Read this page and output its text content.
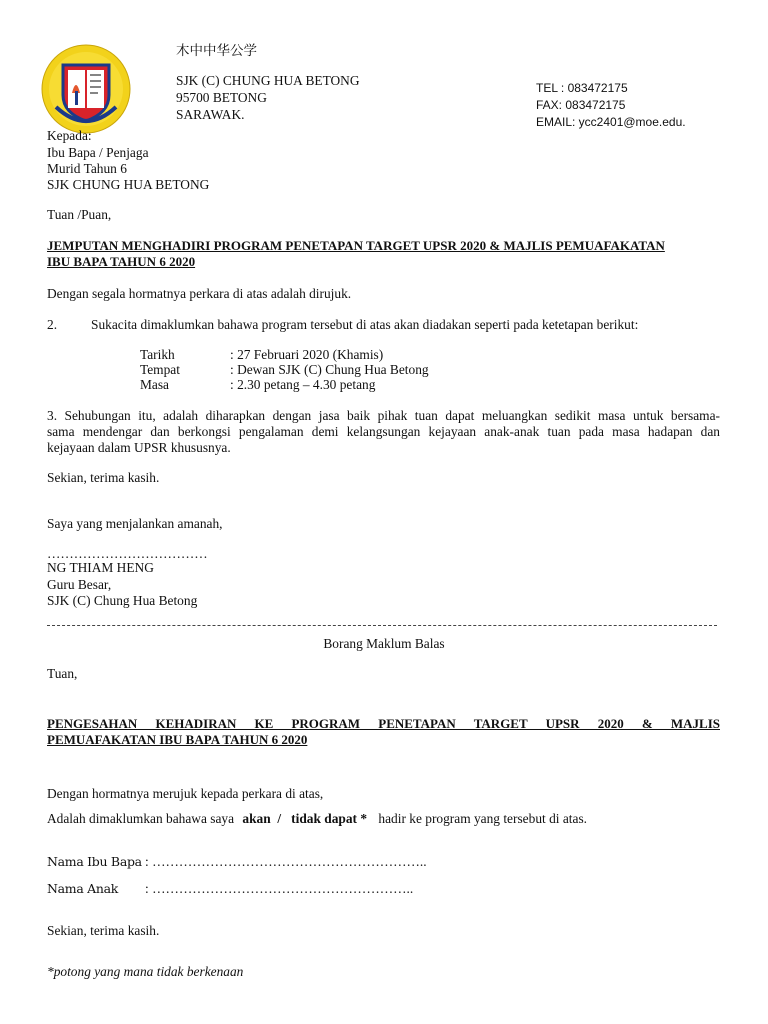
木中中华公学
SJK (C) CHUNG HUA BETONG
95700 BETONG
SARAWAK.
TEL : 083472175
FAX: 083472175
EMAIL: ycc2401@moe.edu.
Kepada:
Ibu Bapa / Penjaga
Murid Tahun 6
SJK CHUNG HUA BETONG
Tuan /Puan,
JEMPUTAN MENGHADIRI PROGRAM PENETAPAN TARGET UPSR 2020 & MAJLIS PEMUAFAKATAN
IBU BAPA TAHUN 6 2020
Dengan segala hormatnya perkara di atas adalah dirujuk.
2.	Sukacita dimaklumkan bahawa program tersebut di atas akan diadakan seperti pada ketetapan berikut:
Tarikh	: 27 Februari 2020 (Khamis)
Tempat	: Dewan SJK (C) Chung Hua Betong
Masa	: 2.30 petang – 4.30 petang
3. Sehubungan itu, adalah diharapkan dengan jasa baik pihak tuan dapat meluangkan sedikit masa untuk bersama-
sama mendengar dan berkongsi pengalaman demi kelangsungan kejayaan anak-anak tuan pada masa hadapan dan
kejayaan dalam UPSR khususnya.
Sekian, terima kasih.
Saya yang menjalankan amanah,
………………………………
NG THIAM HENG
Guru Besar,
SJK (C) Chung Hua Betong
Borang Maklum Balas
Tuan,
PENGESAHAN KEHADIRAN KE PROGRAM PENETAPAN TARGET UPSR 2020 & MAJLIS
PEMUAFAKATAN IBU BAPA TAHUN 6 2020
Dengan hormatnya merujuk kepada perkara di atas,
Adalah dimaklumkan bahawa saya akan  /   tidak dapat * hadir ke program yang tersebut di atas.
Nama Ibu Bapa : ……………………………………………………..
Nama Anak : …………………………………………………..
Sekian, terima kasih.
*potong yang mana tidak berkenaan
